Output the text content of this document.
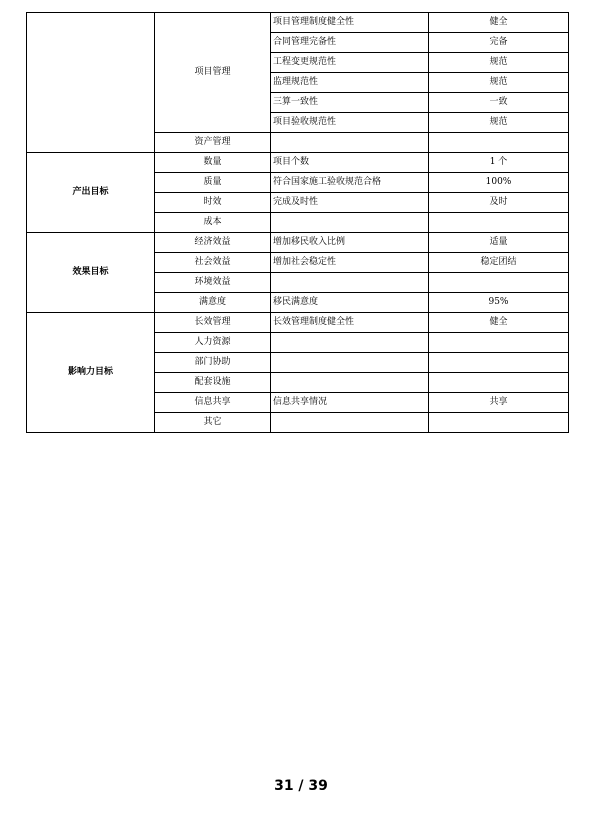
	项目管理	项目管理制度健全性	健全
		合同管理完备性	完备
		工程变更规范性	规范
		监理规范性	规范
		三算一致性	一致
		项目验收规范性	规范
	资产管理		
产出目标	数量	项目个数	1 个
	质量	符合国家施工验收规范合格	100%
	时效	完成及时性	及时
	成本		
效果目标	经济效益	增加移民收入比例	适量
	社会效益	增加社会稳定性	稳定团结
	环境效益		
	满意度	移民满意度	95%
影响力目标	长效管理	长效管理制度健全性	健全
	人力资源		
	部门协助		
	配套设施		
	信息共享	信息共享情况	共享
	其它		
31 / 39
